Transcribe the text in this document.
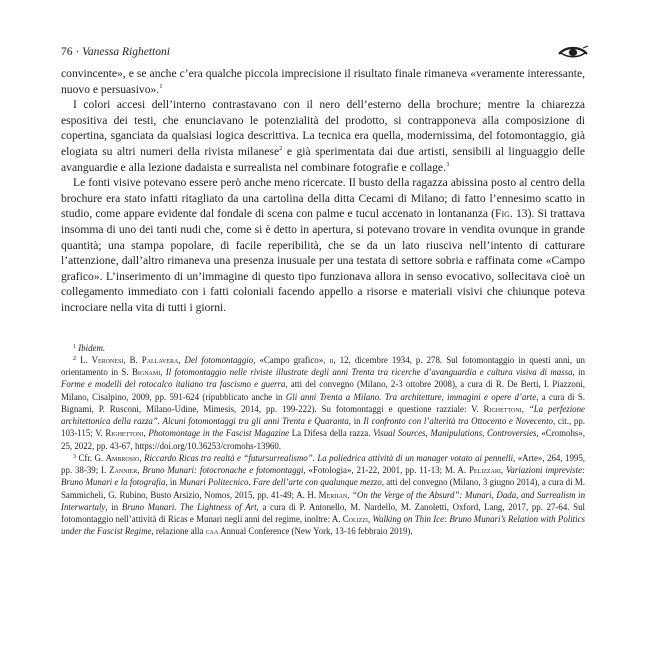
76 · Vanessa Righettoni

convincente», e se anche c’era qualche piccola imprecisione il risultato finale rimaneva «veramente interessante, nuovo e persuasivo».$^1$

I colori accesi dell’interno contrastavano con il nero dell’esterno della brochure; mentre la chiarezza espositiva dei testi, che enunciavano le potenzialità del prodotto, si contrapponeva alla composizione di copertina, sganciata da qualsiasi logica descrittiva. La tecnica era quella, modernissima, del fotomontaggio, già elogiata su altri numeri della rivista milanese$^2$ e già sperimentata dai due artisti, sensibili al linguaggio delle avanguardie e alla lezione dadaista e surrealista nel combinare fotografie e collage.$^3$

Le fonti visive potevano essere però anche meno ricercate. Il busto della ragazza abissina posto al centro della brochure era stato infatti ritagliato da una cartolina della ditta Cecami di Milano; di fatto l’ennesimo scatto in studio, come appare evidente dal fondale di scena con palme e tucul accenato in lontananza (Fig. 13). Si trattava insomma di uno dei tanti nudi che, come si è detto in apertura, si potevano trovare in vendita ovunque in grande quantità; una stampa popolare, di facile reperibilità, che se da un lato riusciva nell’intento di catturare l’attenzione, dall’altro rimaneva una presenza inusuale per una testata di settore sobria e raffinata come «Campo grafico». L’inserimento di un’immagine di questo tipo funzionava allora in senso evocativo, sollecitava cioè un collegamento immediato con i fatti coloniali facendo appello a risorse e materiali visivi che chiunque poteva incrociare nella vita di tutti i giorni.

$^1$ Ibidem.

$^2$ L. Veronesi, B. Pallavera, Del fotomontaggio, «Campo grafico», ii, 12, dicembre 1934, p. 278. Sul fotomontaggio in questi anni, un orientamento in S. Bignami, Il fotomontaggio nelle riviste illustrate degli anni Trenta tra ricerche d’avanguardia e cultura visiva di massa, in Forme e modelli del rotocalco italiano tra fascismo e guerra, atti del convegno (Milano, 2-3 ottobre 2008), a cura di R. De Berti, I. Piazzoni, Milano, Cisalpino, 2009, pp. 591-624 (ripubblicato anche in Gli anni Trenta a Milano. Tra architetture, immagini e opere d’arte, a cura di S. Bignami, P. Rusconi, Milano-Udine, Mimesis, 2014, pp. 199-222). Su fotomontaggi e questione razziale: V. Righettoni, “La perfezione architettonica della razza”. Alcuni fotomontaggi tra gli anni Trenta e Quaranta, in Il confronto con l’alterità tra Ottocento e Novecento, cit., pp. 103-115; V. Righettoni, Photomontage in the Fascist Magazine La Difesa della razza. Visual Sources, Manipulations, Controversies, «Cromohs», 25, 2022, pp. 43-67, https://doi.org/10.36253/cromohs-13960.

$^3$ Cfr. G. Ambrosio, Riccardo Ricas tra realtà e “futursurrealismo”. La poliedrica attività di un manager votato ai pennelli, «Arte», 264, 1995, pp. 38-39; I. Zannier, Bruno Munari: fotocronache e fotomontaggi, «Fotologia», 21-22, 2001, pp. 11-13; M. A. Pelizzari, Variazioni impreviste: Bruno Munari e la fotografia, in Munari Politecnico. Fare dell’arte con qualunque mezzo, atti del convegno (Milano, 3 giugno 2014), a cura di M. Sammicheli, G. Rubino, Busto Arsizio, Nomos, 2015, pp. 41-49; A. H. Merjian, “On the Verge of the Absurd”: Munari, Dada, and Surrealism in Interwartaly, in Bruno Munari. The Lightness of Art, a cura di P. Antonello, M. Nardello, M. Zanoletti, Oxford, Lang, 2017, pp. 27-64. Sul fotomontaggio nell’attività di Ricas e Munari negli anni del regime, inoltre: A. Colizzi, Walking on Thin Ice: Bruno Munari’s Relation with Politics under the Fascist Regime, relazione alla caa Annual Conference (New York, 13-16 febbraio 2019).
